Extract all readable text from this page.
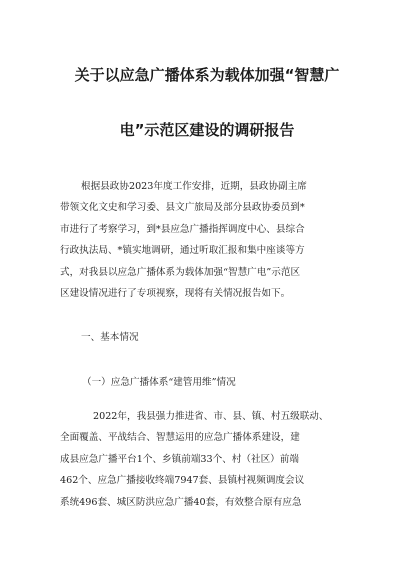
关于以应急广播体系为载体加强“智慧广
电”示范区建设的调研报告

根据县政协2023年度工作安排，近期，县政协副主席
带领文化文史和学习委、县文广旅局及部分县政协委员到*
市进行了考察学习，到*县应急广播指挥调度中心、县综合
行政执法局、*镇实地调研，通过听取汇报和集中座谈等方
式，对我县以应急广播体系为载体加强“智慧广电”示范区
区建设情况进行了专项视察，现将有关情况报告如下。

一、基本情况
（一）应急广播体系“建管用维”情况

2022年，我县强力推进省、市、县、镇、村五级联动、
全面覆盖、平战结合、智慧运用的应急广播体系建设，建
成县应急广播平台1个、乡镇前端33个、村（社区）前端
462个、应急广播接收终端7947套、县镇村视频调度会议
系统496套、城区防洪应急广播40套，有效整合原有应急
